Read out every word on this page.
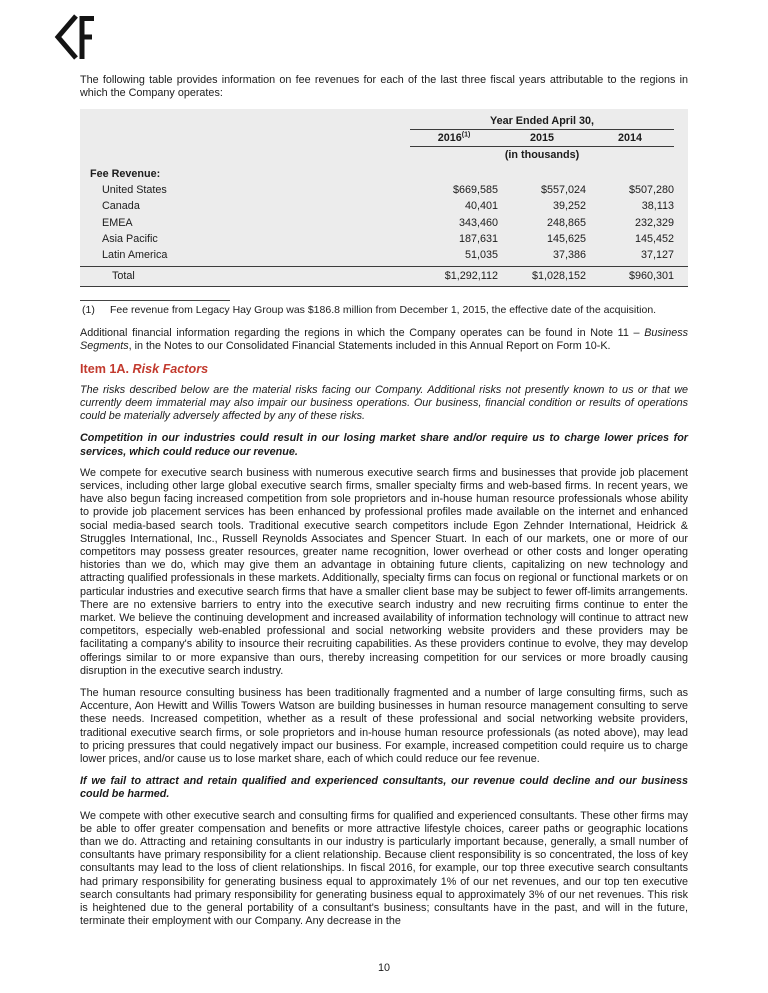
The following table provides information on fee revenues for each of the last three fiscal years attributable to the regions in which the Company operates:

Year Ended April 30,
2016$^{(1)}$	2015	2014
(in thousands)
Fee Revenue:
United States	$669,585	$557,024	$507,280
Canada	40,401	39,252	38,113
EMEA	343,460	248,865	232,329
Asia Pacific	187,631	145,625	145,452
Latin America	51,035	37,386	37,127
Total	$1,292,112	$1,028,152	$960,301
(1)	Fee revenue from Legacy Hay Group was $186.8 million from December 1, 2015, the effective date of the acquisition.

Additional financial information regarding the regions in which the Company operates can be found in Note 11 – Business Segments, in the Notes to our Consolidated Financial Statements included in this Annual Report on Form 10-K.

Item 1A. Risk Factors

The risks described below are the material risks facing our Company. Additional risks not presently known to us or that we currently deem immaterial may also impair our business operations. Our business, financial condition or results of operations could be materially adversely affected by any of these risks.

Competition in our industries could result in our losing market share and/or require us to charge lower prices for services, which could reduce our revenue.

We compete for executive search business with numerous executive search firms and businesses that provide job placement services, including other large global executive search firms, smaller specialty firms and web-based firms. In recent years, we have also begun facing increased competition from sole proprietors and in-house human resource professionals whose ability to provide job placement services has been enhanced by professional profiles made available on the internet and enhanced social media-based search tools. Traditional executive search competitors include Egon Zehnder International, Heidrick & Struggles International, Inc., Russell Reynolds Associates and Spencer Stuart. In each of our markets, one or more of our competitors may possess greater resources, greater name recognition, lower overhead or other costs and longer operating histories than we do, which may give them an advantage in obtaining future clients, capitalizing on new technology and attracting qualified professionals in these markets. Additionally, specialty firms can focus on regional or functional markets or on particular industries and executive search firms that have a smaller client base may be subject to fewer off-limits arrangements. There are no extensive barriers to entry into the executive search industry and new recruiting firms continue to enter the market. We believe the continuing development and increased availability of information technology will continue to attract new competitors, especially web-enabled professional and social networking website providers and these providers may be facilitating a company's ability to insource their recruiting capabilities. As these providers continue to evolve, they may develop offerings similar to or more expansive than ours, thereby increasing competition for our services or more broadly causing disruption in the executive search industry.

The human resource consulting business has been traditionally fragmented and a number of large consulting firms, such as Accenture, Aon Hewitt and Willis Towers Watson are building businesses in human resource management consulting to serve these needs. Increased competition, whether as a result of these professional and social networking website providers, traditional executive search firms, or sole proprietors and in-house human resource professionals (as noted above), may lead to pricing pressures that could negatively impact our business. For example, increased competition could require us to charge lower prices, and/or cause us to lose market share, each of which could reduce our fee revenue.

If we fail to attract and retain qualified and experienced consultants, our revenue could decline and our business could be harmed.

We compete with other executive search and consulting firms for qualified and experienced consultants. These other firms may be able to offer greater compensation and benefits or more attractive lifestyle choices, career paths or geographic locations than we do. Attracting and retaining consultants in our industry is particularly important because, generally, a small number of consultants have primary responsibility for a client relationship. Because client responsibility is so concentrated, the loss of key consultants may lead to the loss of client relationships. In fiscal 2016, for example, our top three executive search consultants had primary responsibility for generating business equal to approximately 1% of our net revenues, and our top ten executive search consultants had primary responsibility for generating business equal to approximately 3% of our net revenues. This risk is heightened due to the general portability of a consultant's business; consultants have in the past, and will in the future, terminate their employment with our Company. Any decrease in the

10
